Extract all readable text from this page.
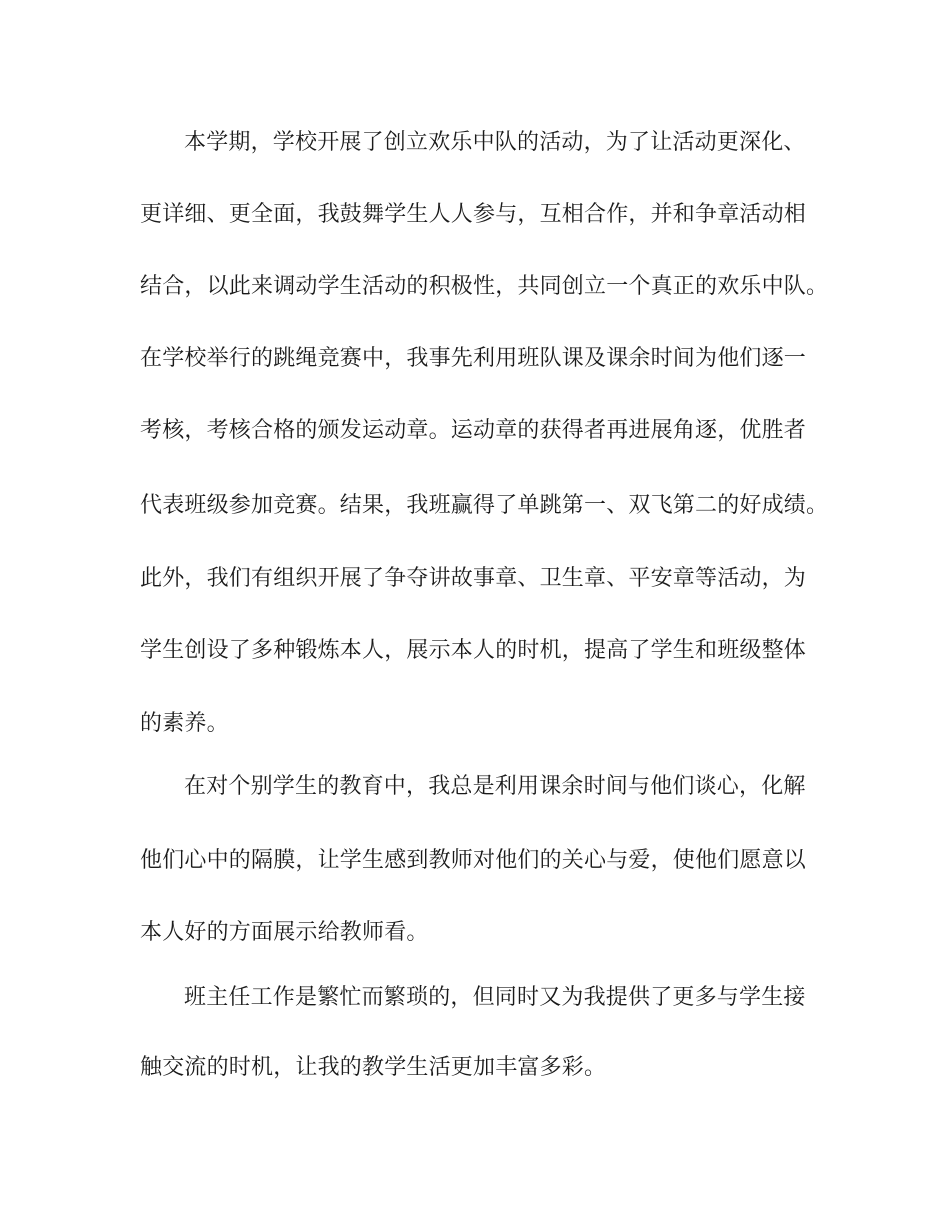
本学期，学校开展了创立欢乐中队的活动，为了让活动更深化、
更详细、更全面，我鼓舞学生人人参与，互相合作，并和争章活动相
结合，以此来调动学生活动的积极性，共同创立一个真正的欢乐中队。
在学校举行的跳绳竞赛中，我事先利用班队课及课余时间为他们逐一
考核，考核合格的颁发运动章。运动章的获得者再进展角逐，优胜者
代表班级参加竞赛。结果，我班赢得了单跳第一、双飞第二的好成绩。
此外，我们有组织开展了争夺讲故事章、卫生章、平安章等活动，为
学生创设了多种锻炼本人，展示本人的时机，提高了学生和班级整体
的素养。
在对个别学生的教育中，我总是利用课余时间与他们谈心，化解
他们心中的隔膜，让学生感到教师对他们的关心与爱，使他们愿意以
本人好的方面展示给教师看。
班主任工作是繁忙而繁琐的，但同时又为我提供了更多与学生接
触交流的时机，让我的教学生活更加丰富多彩。
